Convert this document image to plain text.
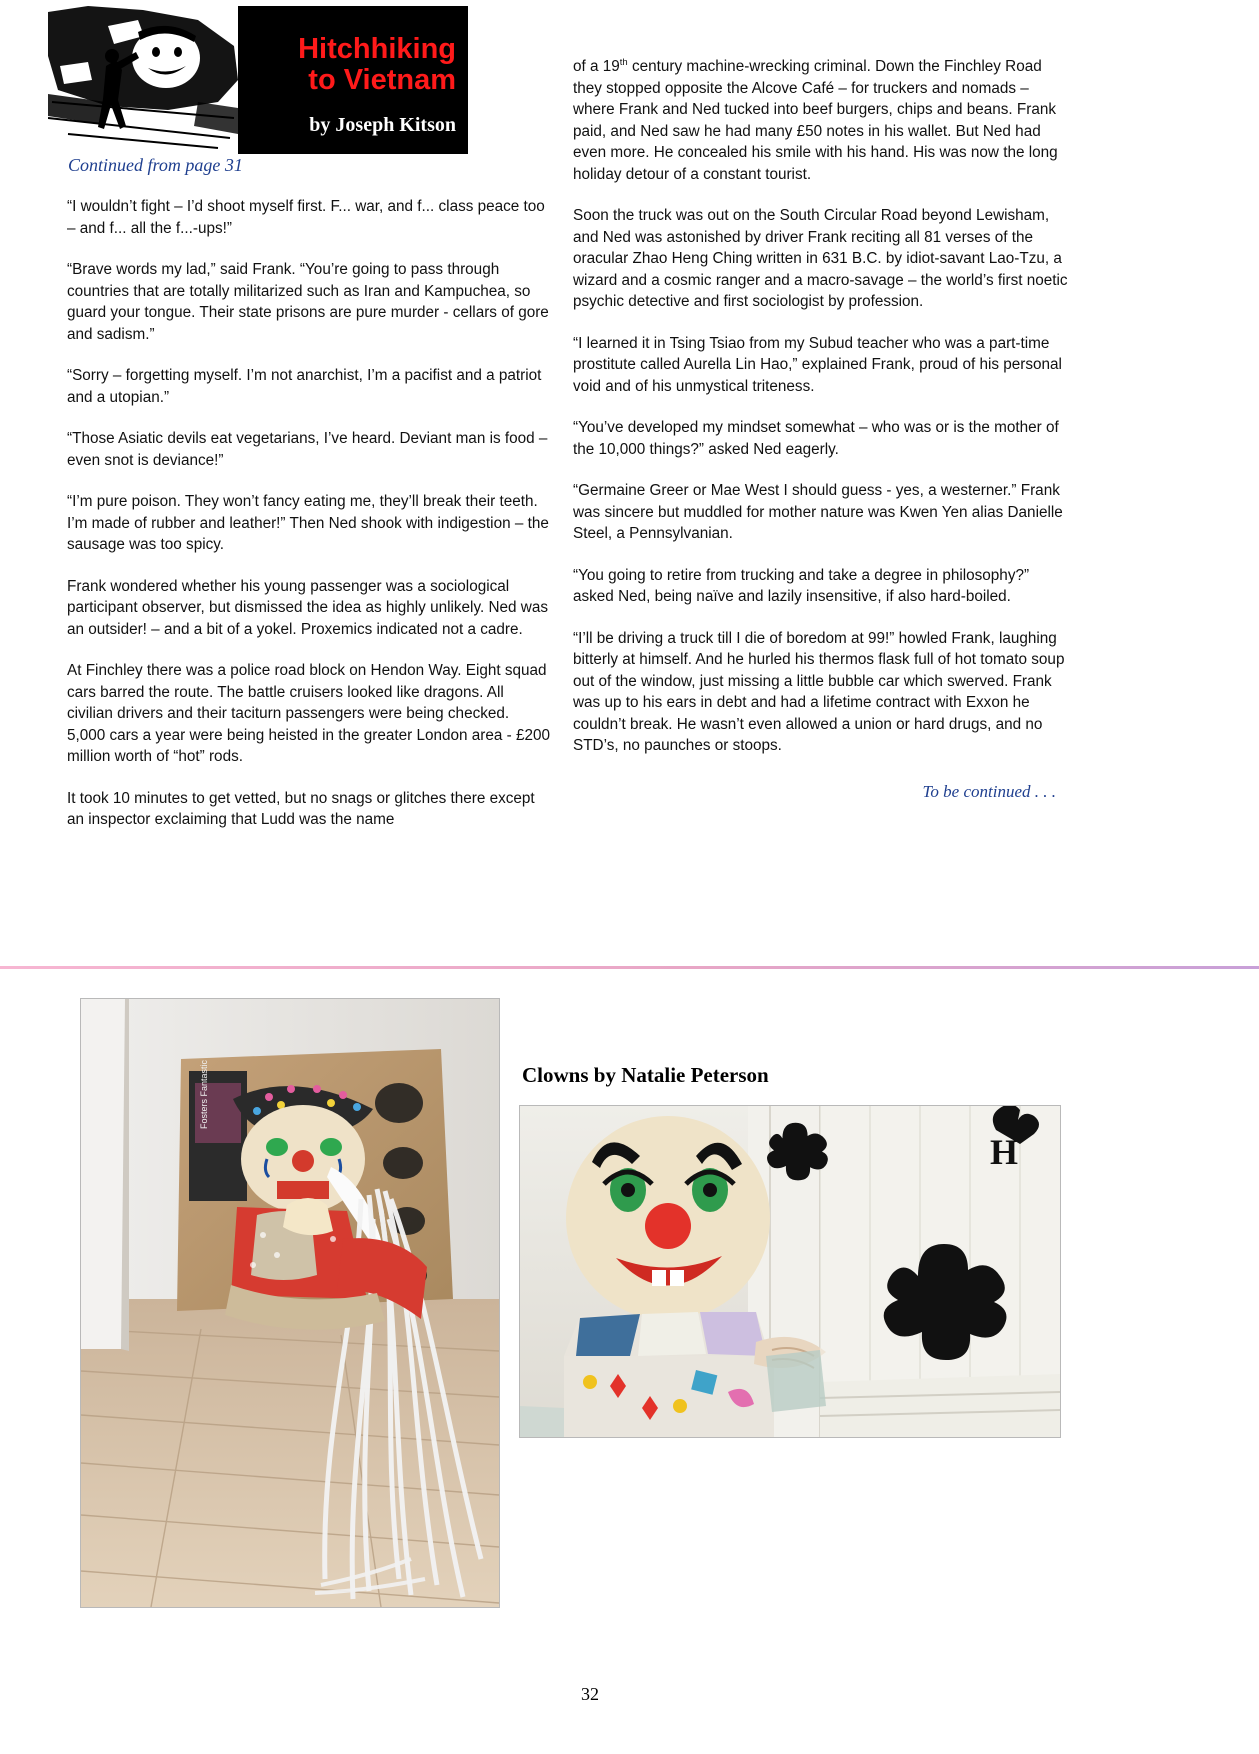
Hitchhiking
to Vietnam
by Joseph Kitson
Continued from page 31

“I wouldn’t fight – I’d shoot myself first. F... war, and f... class peace too – and f... all the f...-ups!”

“Brave words my lad,” said Frank. “You’re going to pass through countries that are totally militarized such as Iran and Kampuchea, so guard your tongue. Their state prisons are pure murder - cellars of gore and sadism.”

“Sorry – forgetting myself. I’m not anarchist, I’m a pacifist and a patriot and a utopian.”

“Those Asiatic devils eat vegetarians, I’ve heard. Deviant man is food – even snot is deviance!”

“I’m pure poison. They won’t fancy eating me, they’ll break their teeth. I’m made of rubber and leather!” Then Ned shook with indigestion – the sausage was too spicy.

Frank wondered whether his young passenger was a sociological participant observer, but dismissed the idea as highly unlikely. Ned was an outsider! – and a bit of a yokel. Proxemics indicated not a cadre.

At Finchley there was a police road block on Hendon Way. Eight squad cars barred the route. The battle cruisers looked like dragons. All civilian drivers and their taciturn passengers were being checked. 5,000 cars a year were being heisted in the greater London area - £200 million worth of “hot” rods.

It took 10 minutes to get vetted, but no snags or glitches there except an inspector exclaiming that Ludd was the name

of a 19th century machine-wrecking criminal. Down the Finchley Road they stopped opposite the Alcove Café – for truckers and nomads – where Frank and Ned tucked into beef burgers, chips and beans. Frank paid, and Ned saw he had many £50 notes in his wallet. But Ned had even more. He concealed his smile with his hand. His was now the long holiday detour of a constant tourist.

Soon the truck was out on the South Circular Road beyond Lewisham, and Ned was astonished by driver Frank reciting all 81 verses of the oracular Zhao Heng Ching written in 631 B.C. by idiot-savant Lao-Tzu, a wizard and a cosmic ranger and a macro-savage – the world’s first noetic psychic detective and first sociologist by profession.

“I learned it in Tsing Tsiao from my Subud teacher who was a part-time prostitute called Aurella Lin Hao,” explained Frank, proud of his personal void and of his unmystical triteness.

“You’ve developed my mindset somewhat – who was or is the mother of the 10,000 things?” asked Ned eagerly.

“Germaine Greer or Mae West I should guess - yes, a westerner.” Frank was sincere but muddled for mother nature was Kwen Yen alias Danielle Steel, a Pennsylvanian.

“You going to retire from trucking and take a degree in philosophy?” asked Ned, being naïve and lazily insensitive, if also hard-boiled.

“I’ll be driving a truck till I die of boredom at 99!” howled Frank, laughing bitterly at himself. And he hurled his thermos flask full of hot tomato soup out of the window, just missing a little bubble car which swerved. Frank was up to his ears in debt and had a lifetime contract with Exxon he couldn’t break. He wasn’t even allowed a union or hard drugs, and no STD’s, no paunches or stoops.

To be continued . . .
Fosters Fantastic	Clowns by Natalie Peterson
H
32
